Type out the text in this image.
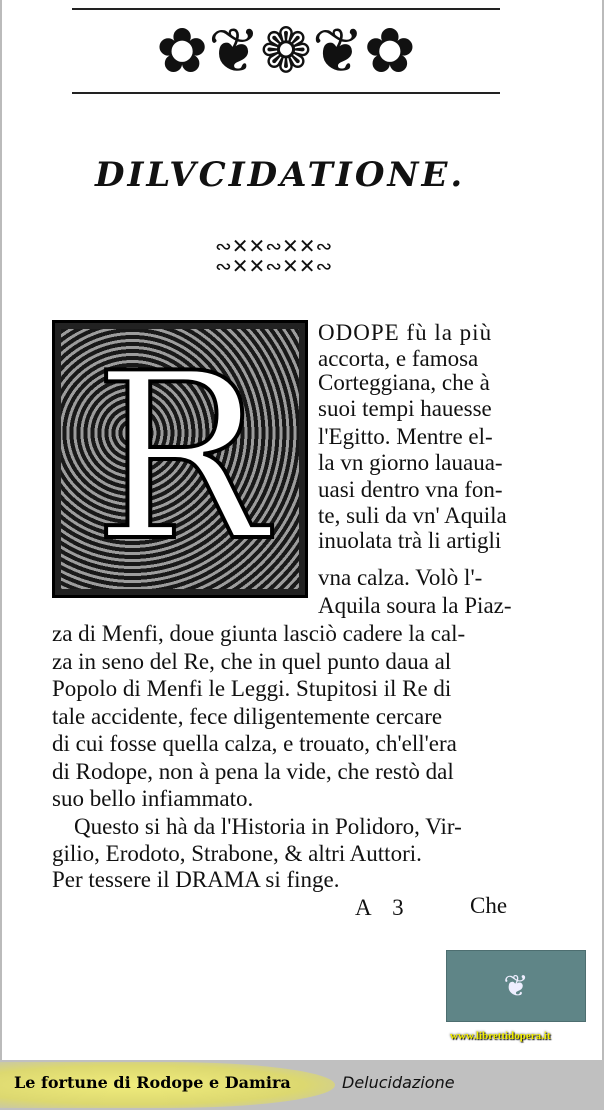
✿❦❁❦✿
DILVCIDATIONE.
∾✕✕∾✕✕∾ ∾✕✕∾✕✕∾
R	ODOPE fù la più
accorta, e famosa
Corteggiana, che à
suoi tempi hauesse
l'Egitto. Mentre el-
la vn giorno lauaua-
uasi dentro vna fon-
te, suli da vn' Aquila
inuolata trà li artigli
vna calza. Volò l'-
Aquila soura la Piaz-
za di Menfi, doue giunta lasciò cadere la cal-
za in seno del Re, che in quel punto daua al
Popolo di Menfi le Leggi. Stupitosi il Re di
tale accidente, fece diligentemente cercare
di cui fosse quella calza, e trouato, ch'ell'era
di Rodope, non à pena la vide, che restò dal
suo bello infiammato.
Questo si hà da l'Historia in Polidoro, Vir-
gilio, Erodoto, Strabone, & altri Auttori.
Per tessere il DRAMA si finge.
A 3	Che
❦
www.librettidopera.it
Le fortune di Rodope e Damira	Delucidazione
